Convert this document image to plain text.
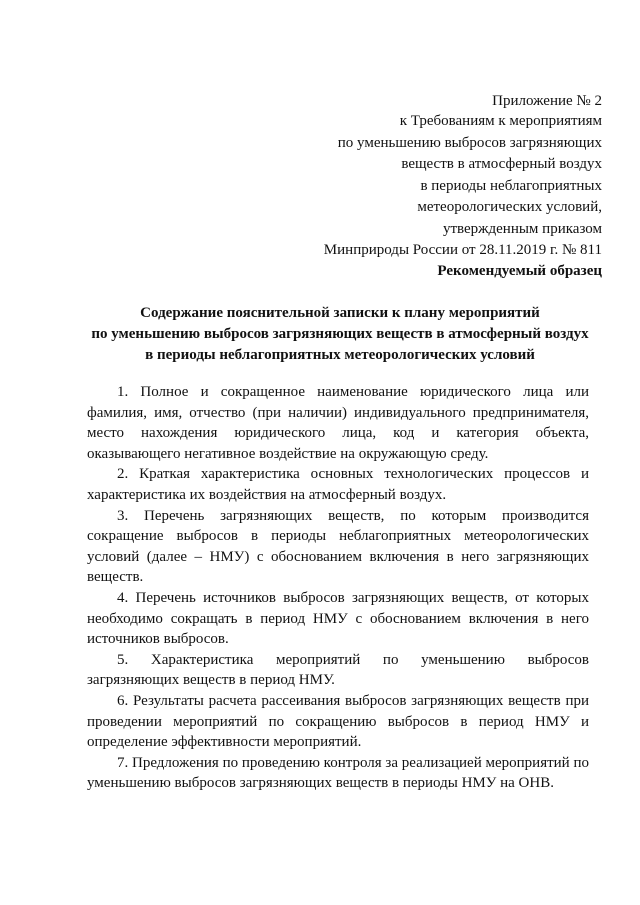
Приложение № 2
к Требованиям к мероприятиям
по уменьшению выбросов загрязняющих
веществ в атмосферный воздух
в периоды неблагоприятных
метеорологических условий,
утвержденным приказом
Минприроды России от 28.11.2019 г. № 811
Рекомендуемый образец
Содержание пояснительной записки к плану мероприятий
по уменьшению выбросов загрязняющих веществ в атмосферный воздух
в периоды неблагоприятных метеорологических условий

1. Полное и сокращенное наименование юридического лица или фамилия, имя, отчество (при наличии) индивидуального предпринимателя, место нахождения юридического лица, код и категория объекта, оказывающего негативное воздействие на окружающую среду.

2. Краткая характеристика основных технологических процессов и характеристика их воздействия на атмосферный воздух.

3. Перечень загрязняющих веществ, по которым производится сокращение выбросов в периоды неблагоприятных метеорологических условий (далее – НМУ) с обоснованием включения в него загрязняющих веществ.

4. Перечень источников выбросов загрязняющих веществ, от которых необходимо сокращать в период НМУ с обоснованием включения в него источников выбросов.

5. Характеристика мероприятий по уменьшению выбросов загрязняющих веществ в период НМУ.

6. Результаты расчета рассеивания выбросов загрязняющих веществ при проведении мероприятий по сокращению выбросов в период НМУ и определение эффективности мероприятий.

7. Предложения по проведению контроля за реализацией мероприятий по уменьшению выбросов загрязняющих веществ в периоды НМУ на ОНВ.
